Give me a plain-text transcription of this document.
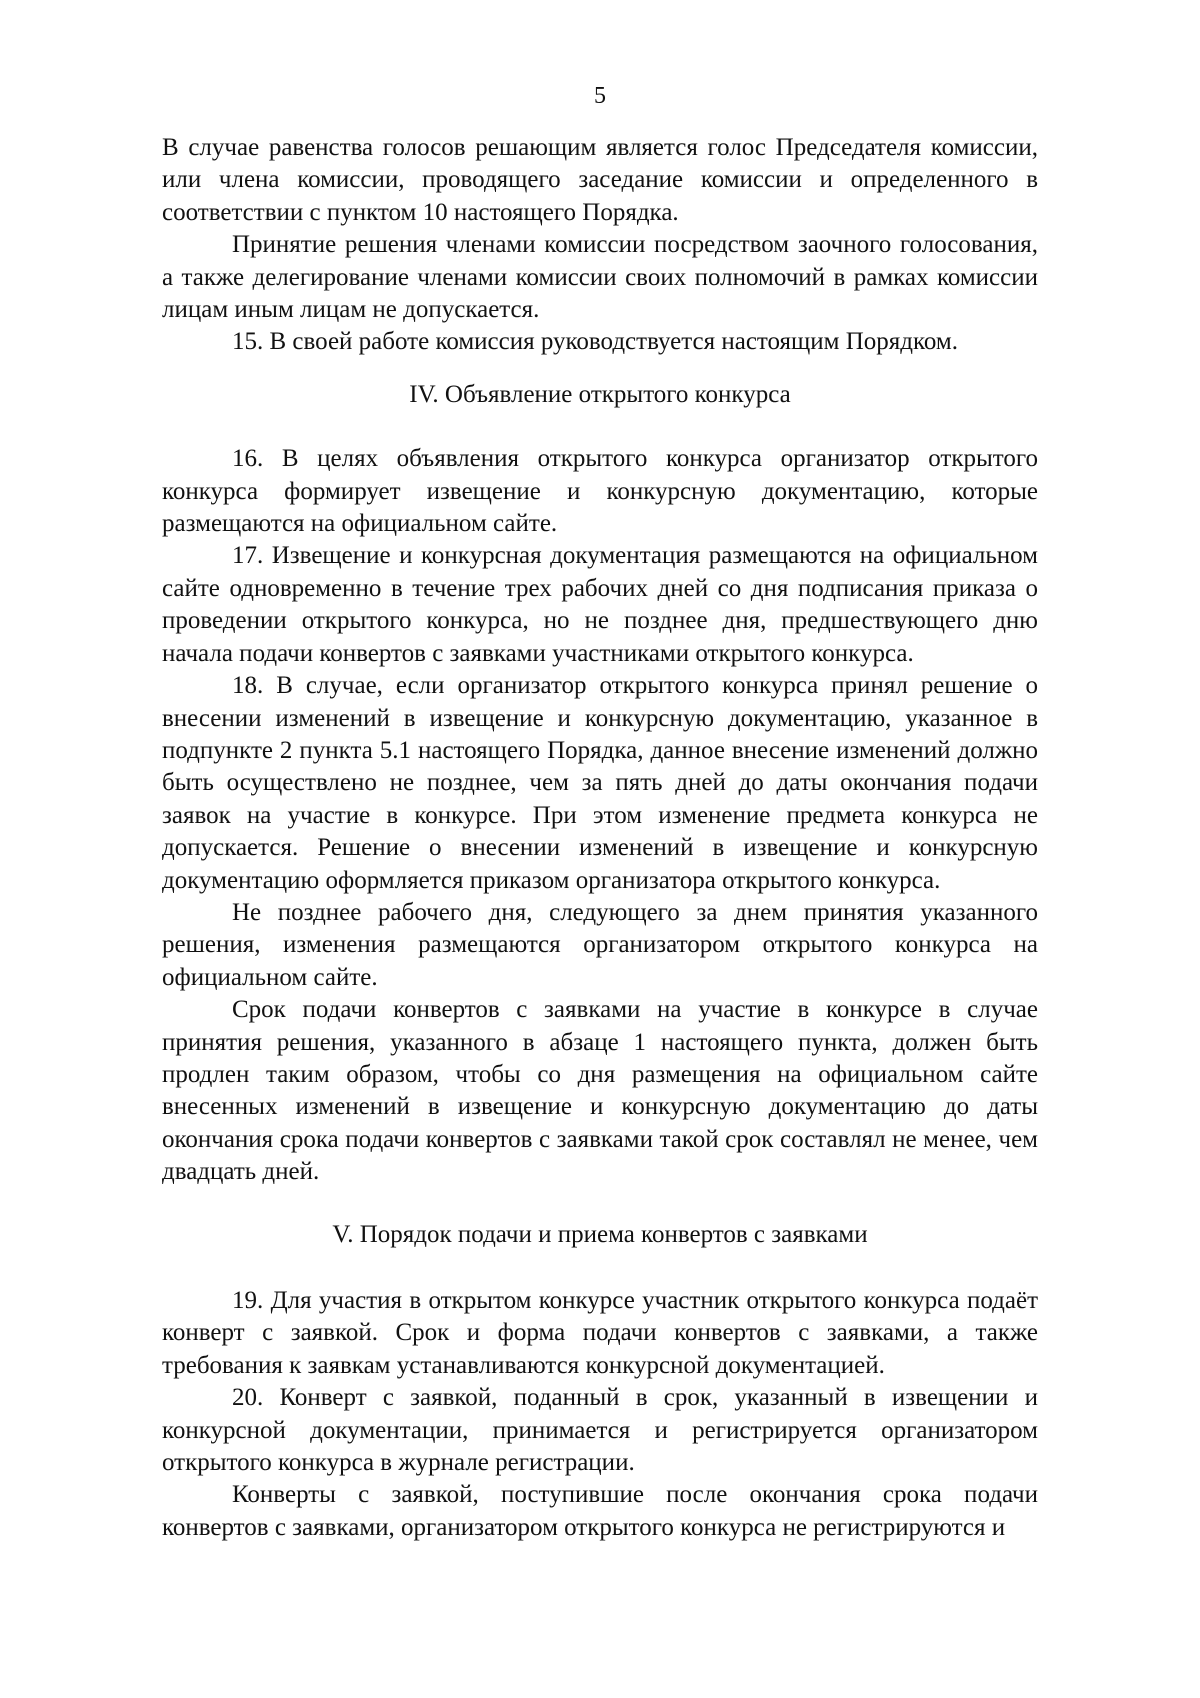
5

В случае равенства голосов решающим является голос Председателя комиссии, или члена комиссии, проводящего заседание комиссии и определенного в соответствии с пунктом 10 настоящего Порядка.

Принятие решения членами комиссии посредством заочного голосования, а также делегирование членами комиссии своих полномочий в рамках комиссии лицам иным лицам не допускается.

15. В своей работе комиссия руководствуется настоящим Порядком.

IV. Объявление открытого конкурса

16. В целях объявления открытого конкурса организатор открытого конкурса формирует извещение и конкурсную документацию, которые размещаются на официальном сайте.

17. Извещение и конкурсная документация размещаются на официальном сайте одновременно в течение трех рабочих дней со дня подписания приказа о проведении открытого конкурса, но не позднее дня, предшествующего дню начала подачи конвертов с заявками участниками открытого конкурса.

18. В случае, если организатор открытого конкурса принял решение о внесении изменений в извещение и конкурсную документацию, указанное в подпункте 2 пункта 5.1 настоящего Порядка, данное внесение изменений должно быть осуществлено не позднее, чем за пять дней до даты окончания подачи заявок на участие в конкурсе. При этом изменение предмета конкурса не допускается. Решение о внесении изменений в извещение и конкурсную документацию оформляется приказом организатора открытого конкурса.

Не позднее рабочего дня, следующего за днем принятия указанного решения, изменения размещаются организатором открытого конкурса на официальном сайте.

Срок подачи конвертов с заявками на участие в конкурсе в случае принятия решения, указанного в абзаце 1 настоящего пункта, должен быть продлен таким образом, чтобы со дня размещения на официальном сайте внесенных изменений в извещение и конкурсную документацию до даты окончания срока подачи конвертов с заявками такой срок составлял не менее, чем двадцать дней.

V. Порядок подачи и приема конвертов с заявками

19. Для участия в открытом конкурсе участник открытого конкурса подаёт конверт с заявкой. Срок и форма подачи конвертов с заявками, а также требования к заявкам устанавливаются конкурсной документацией.

20. Конверт с заявкой, поданный в срок, указанный в извещении и конкурсной документации, принимается и регистрируется организатором открытого конкурса в журнале регистрации.

Конверты с заявкой, поступившие после окончания срока подачи конвертов с заявками, организатором открытого конкурса не регистрируются и
